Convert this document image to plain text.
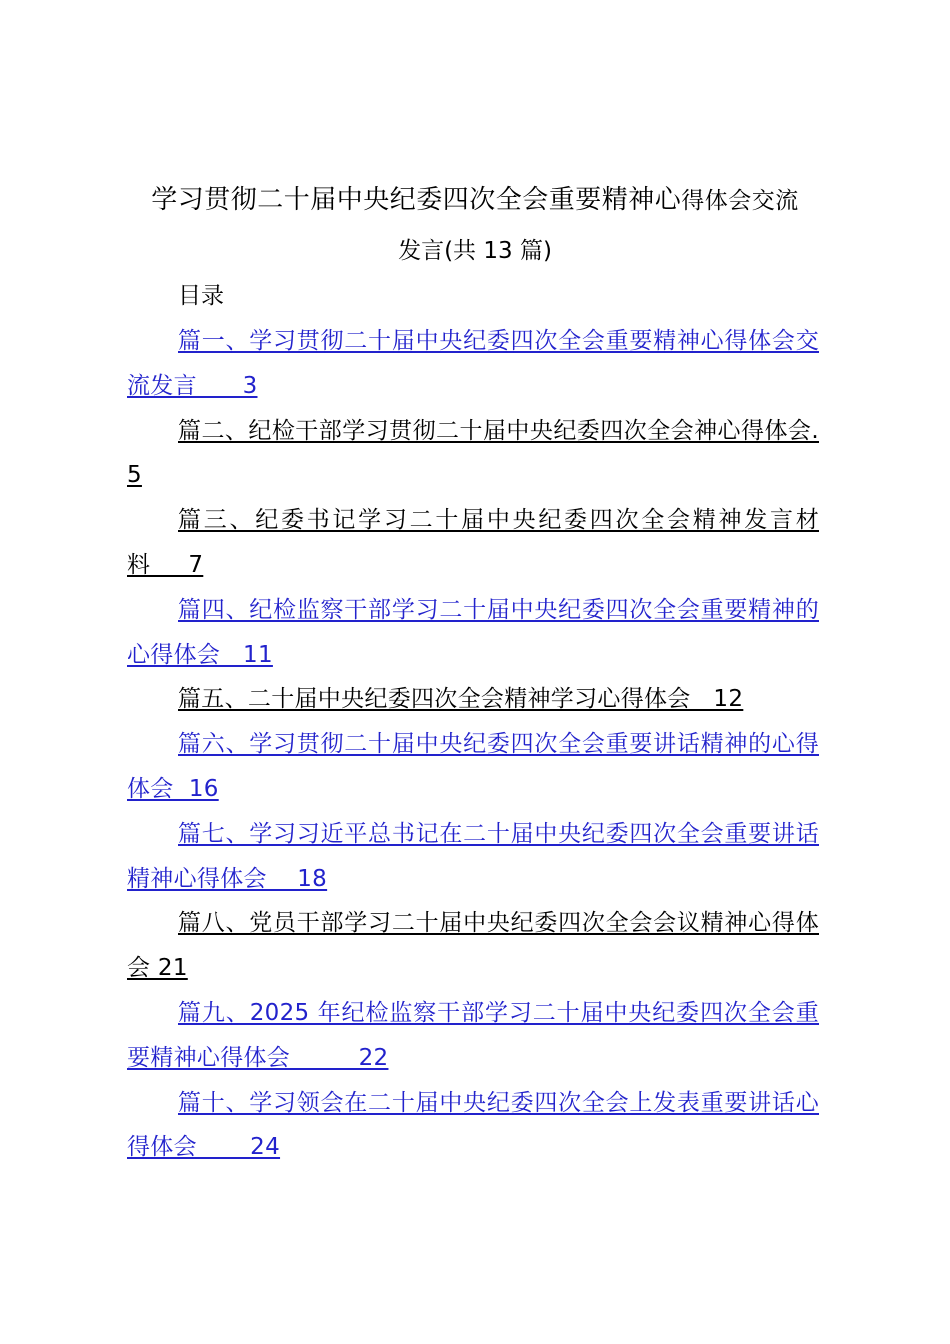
学习贯彻二十届中央纪委四次全会重要精神心得体会交流
发言(共 13 篇)
目录

篇一、学习贯彻二十届中央纪委四次全会重要精神心得体会交流发言      3

篇二、纪检干部学习贯彻二十届中央纪委四次全会神心得体会.5

篇三、纪委书记学习二十届中央纪委四次全会精神发言材料     7

篇四、纪检监察干部学习二十届中央纪委四次全会重要精神的心得体会   11

篇五、二十届中央纪委四次全会精神学习心得体会   12

篇六、学习贯彻二十届中央纪委四次全会重要讲话精神的心得体会  16

篇七、学习习近平总书记在二十届中央纪委四次全会重要讲话精神心得体会    18

篇八、党员干部学习二十届中央纪委四次全会会议精神心得体会 21

篇九、2025 年纪检监察干部学习二十届中央纪委四次全会重要精神心得体会         22

篇十、学习领会在二十届中央纪委四次全会上发表重要讲话心得体会       24
